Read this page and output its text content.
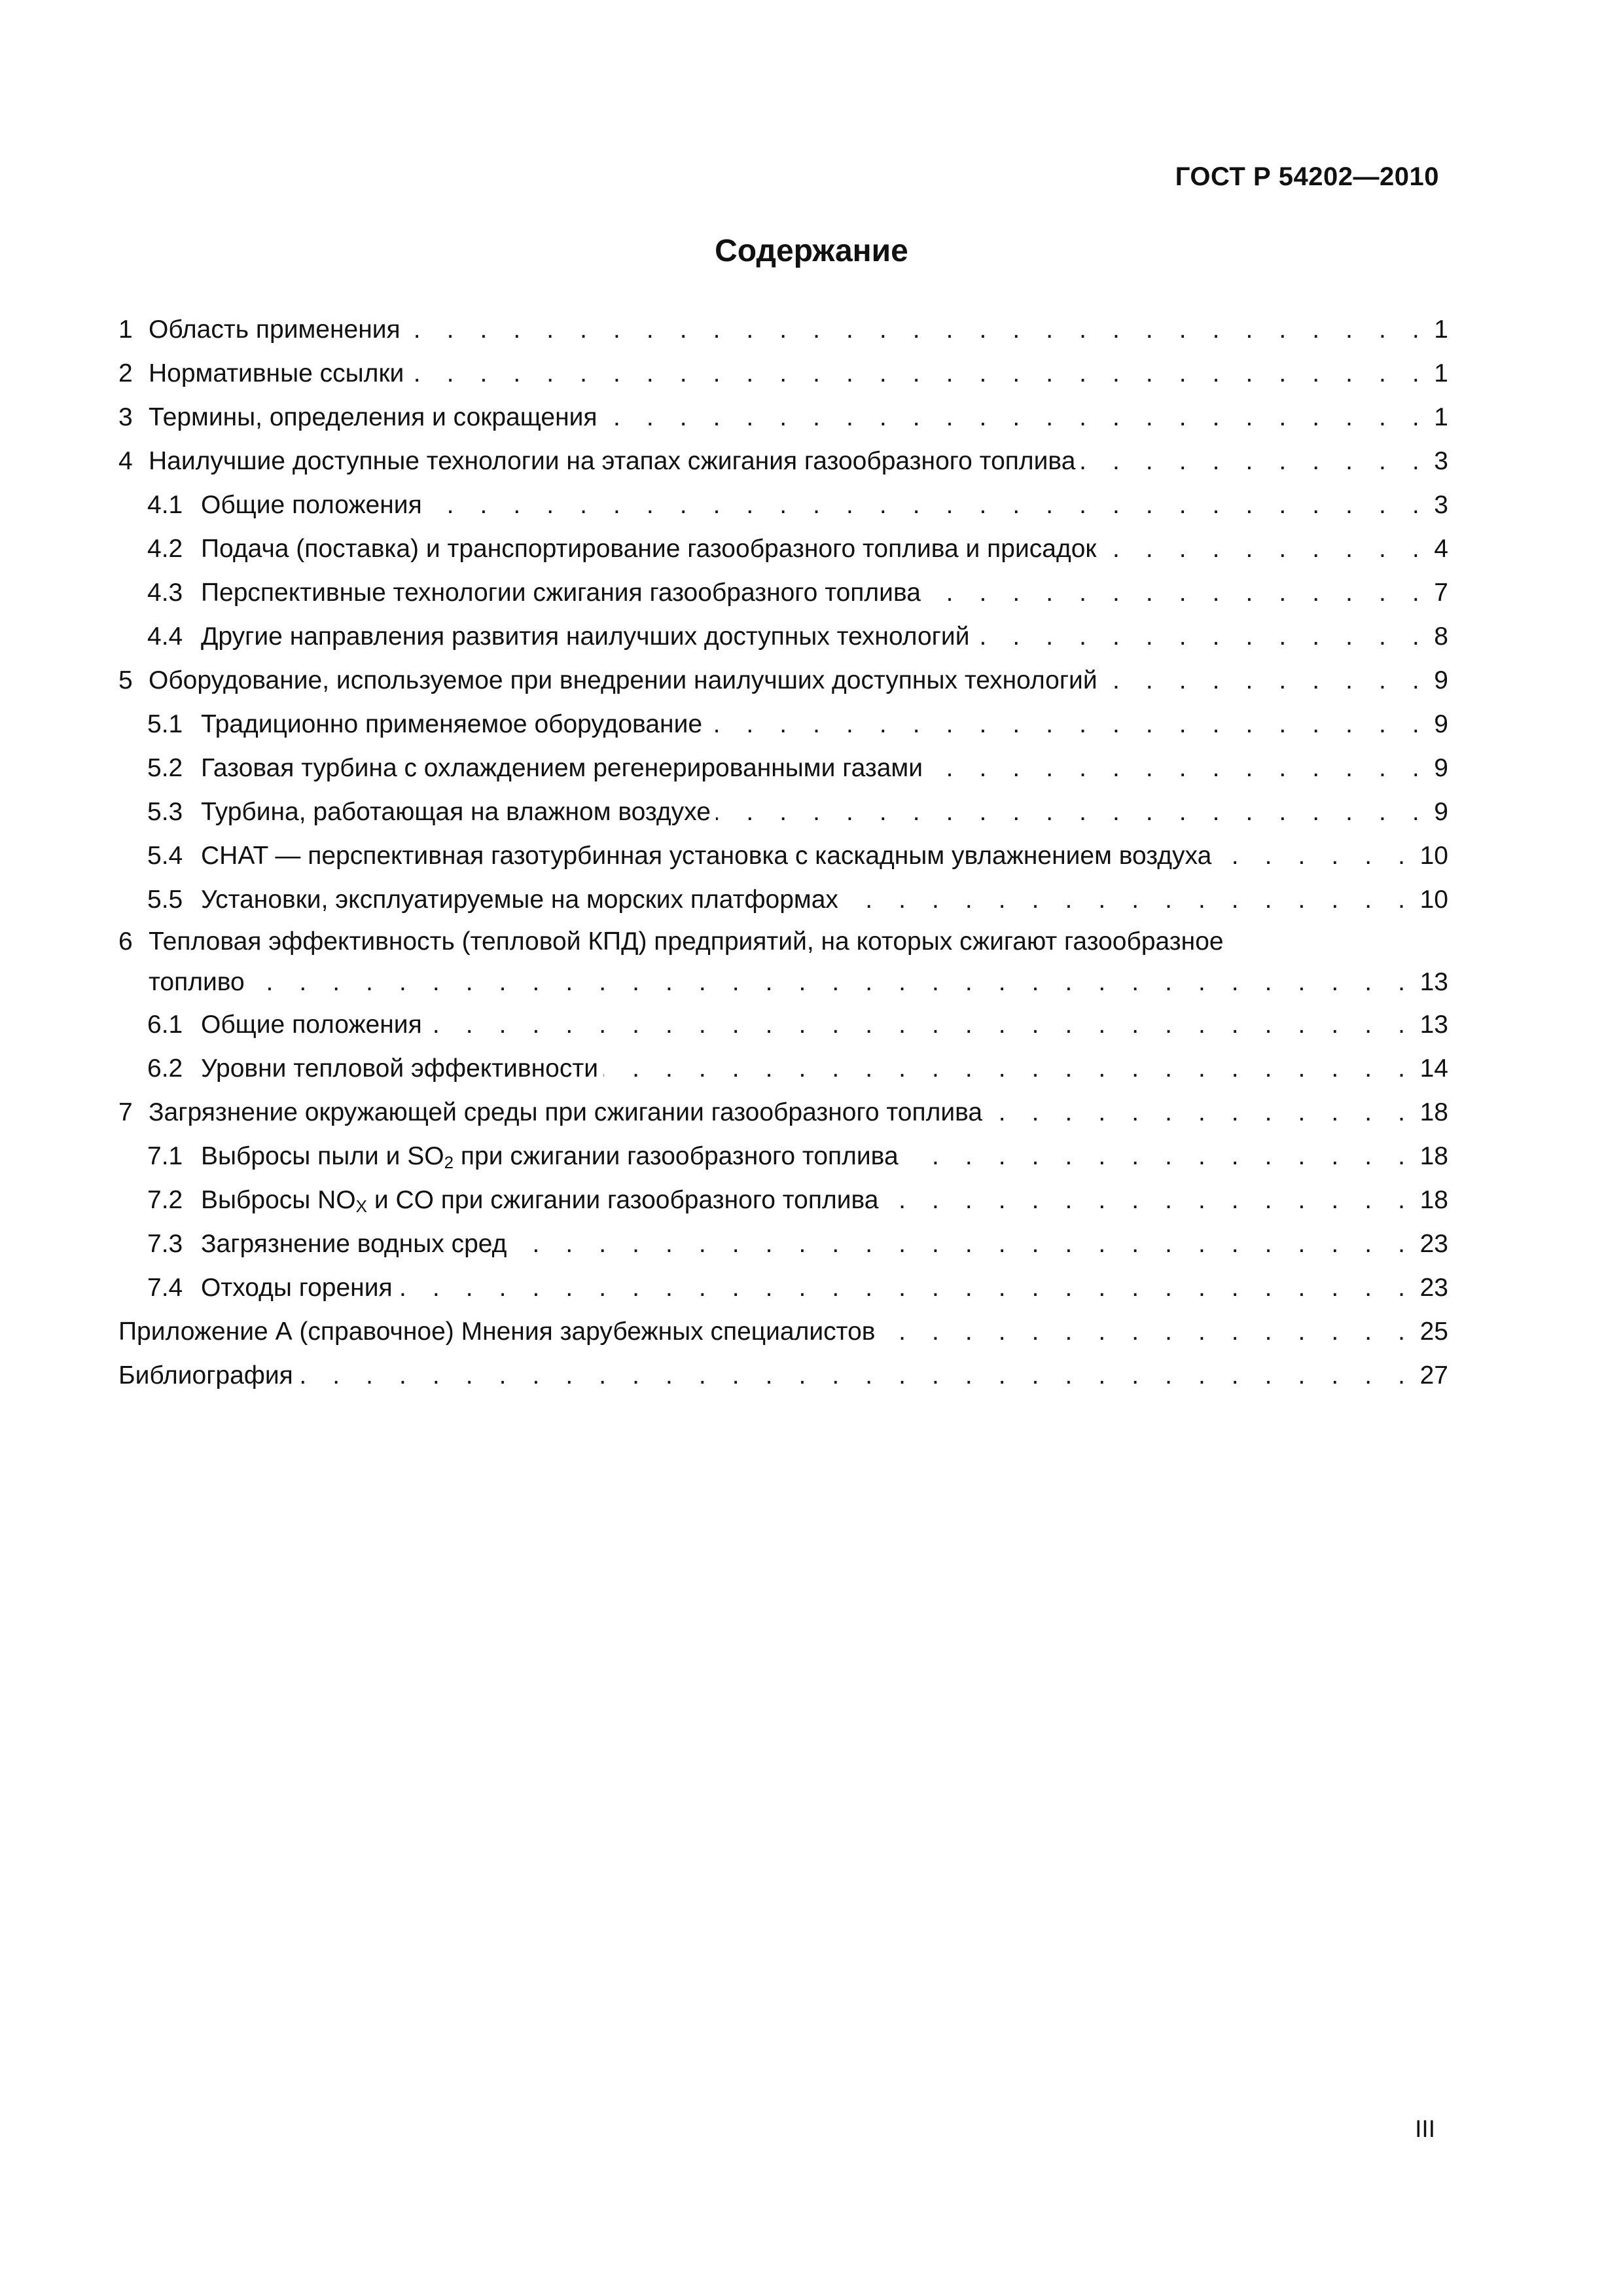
ГОСТ Р 54202—2010
Содержание
1 Область применения . . .	1
2 Нормативные ссылки . . .	1
3 Термины, определения и сокращения . . .	1
4 Наилучшие доступные технологии на этапах сжигания газообразного топлива . . .	3
4.1 Общие положения . . .	3
4.2 Подача (поставка) и транспортирование газообразного топлива и присадок . . .	4
4.3 Перспективные технологии сжигания газообразного топлива . . .	7
4.4 Другие направления развития наилучших доступных технологий . . .	8
5 Оборудование, используемое при внедрении наилучших доступных технологий . . .	9
5.1 Традиционно применяемое оборудование . . .	9
5.2 Газовая турбина с охлаждением регенерированными газами . . .	9
5.3 Турбина, работающая на влажном воздухе . . .	9
5.4 CHAT — перспективная газотурбинная установка с каскадным увлажнением воздуха . . .	10
5.5 Установки, эксплуатируемые на морских платформах . . .	10
6 Тепловая эффективность (тепловой КПД) предприятий, на которых сжигают газообразное
топливо . . .	13
6.1 Общие положения . . .	13
6.2 Уровни тепловой эффективности . . .	14
7 Загрязнение окружающей среды при сжигании газообразного топлива . . .	18
7.1 Выбросы пыли и $SO_2$ при сжигании газообразного топлива . . .	18
7.2 Выбросы $NO_X$ и CO при сжигании газообразного топлива . . .	18
7.3 Загрязнение водных сред . . .	23
7.4 Отходы горения . . .	23
Приложение А (справочное) Мнения зарубежных специалистов . . .	25
Библиография . . .	27
III
